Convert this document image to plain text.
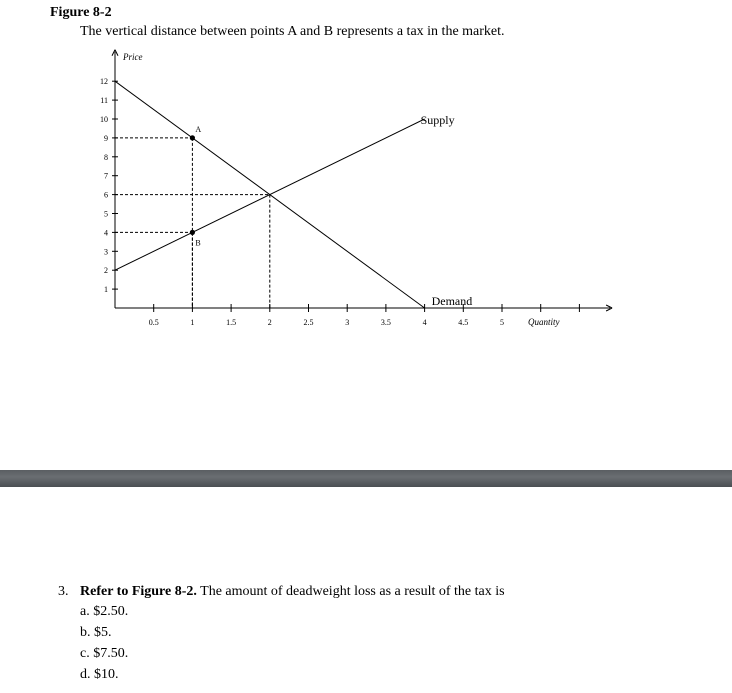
Figure 8-2
The vertical distance between points A and B represents a tax in the market.
Price
Quantity
1
2
3
4
5
6
7
8
9
10
11
12
0.5	1	1.5	2	2.5	3	3.5	4	4.5	5
Supply
Demand
A
B
3. Refer to Figure 8-2. The amount of deadweight loss as a result of the tax is
a. $2.50.
b. $5.
c. $7.50.
d. $10.
